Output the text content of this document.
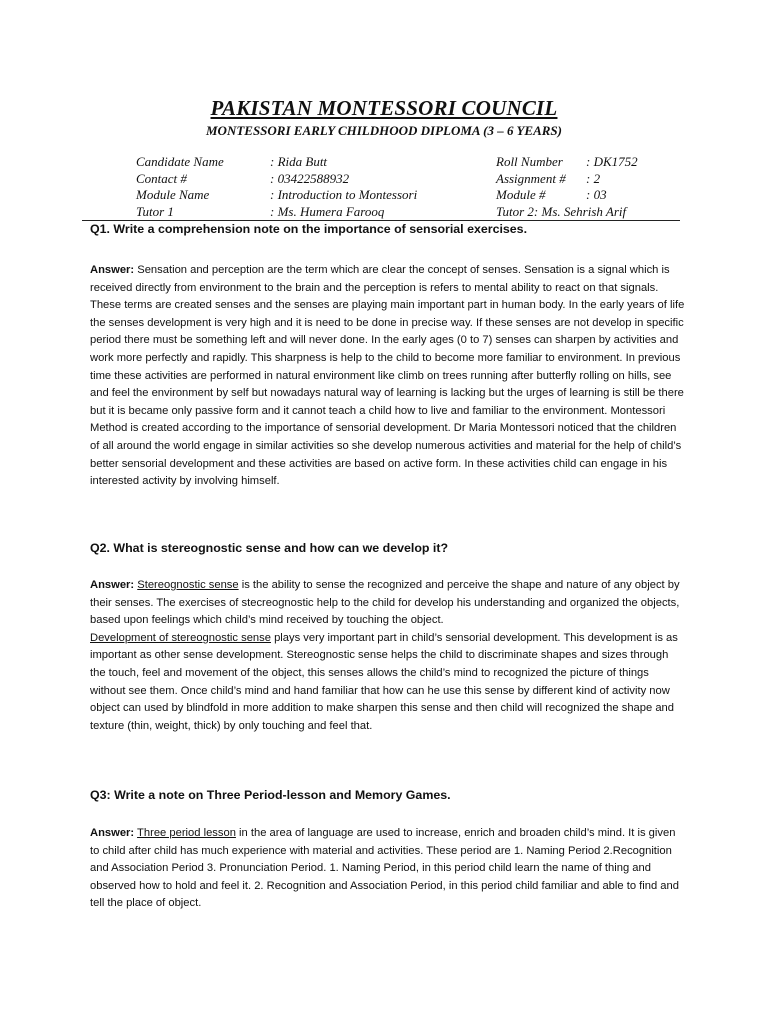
PAKISTAN MONTESSORI COUNCIL
MONTESSORI EARLY CHILDHOOD DIPLOMA (3 – 6 YEARS)
Candidate Name	: Rida Butt	Roll Number : DK1752
Contact #	: 03422588932	Assignment # : 2
Module Name	: Introduction to Montessori	Module #	: 03
Tutor 1	: Ms. Humera Farooq	Tutor 2: Ms. Sehrish Arif
Q1. Write a comprehension note on the importance of sensorial exercises.

Answer: Sensation and perception are the term which are clear the concept of senses. Sensation is a signal which is received directly from environment to the brain and the perception is refers to mental ability to react on that signals. These terms are created senses and the senses are playing main important part in human body. In the early years of life the senses development is very high and it is need to be done in precise way. If these senses are not develop in specific period there must be something left and will never done. In the early ages (0 to 7) senses can sharpen by activities and work more perfectly and rapidly. This sharpness is help to the child to become more familiar to environment. In previous time these activities are performed in natural environment like climb on trees running after butterfly rolling on hills, see and feel the environment by self but nowadays natural way of learning is lacking but the urges of learning is still be there but it is became only passive form and it cannot teach a child how to live and familiar to the environment. Montessori Method is created according to the importance of sensorial development. Dr Maria Montessori noticed that the children of all around the world engage in similar activities so she develop numerous activities and material for the help of child’s better sensorial development and these activities are based on active form. In these activities child can engage in his interested activity by involving himself.

Q2. What is stereognostic sense and how can we develop it?

Answer: Stereognostic sense is the ability to sense the recognized and perceive the shape and nature of any object by their senses. The exercises of stecreognostic help to the child for develop his understanding and organized the objects, based upon feelings which child’s mind received by touching the object.

Development of stereognostic sense plays very important part in child’s sensorial development. This development is as important as other sense development. Stereognostic sense helps the child to discriminate shapes and sizes through the touch, feel and movement of the object, this senses allows the child’s mind to recognized the picture of things without see them. Once child’s mind and hand familiar that how can he use this sense by different kind of activity now object can used by blindfold in more addition to make sharpen this sense and then child will recognized the shape and texture (thin, weight, thick) by only touching and feel that.

Q3: Write a note on Three Period-lesson and Memory Games.

Answer: Three period lesson in the area of language are used to increase, enrich and broaden child’s mind. It is given to child after child has much experience with material and activities. These period are 1. Naming Period 2.Recognition and Association Period 3. Pronunciation Period. 1. Naming Period, in this period child learn the name of thing and observed how to hold and feel it. 2. Recognition and Association Period, in this period child familiar and able to find and tell the place of object.
